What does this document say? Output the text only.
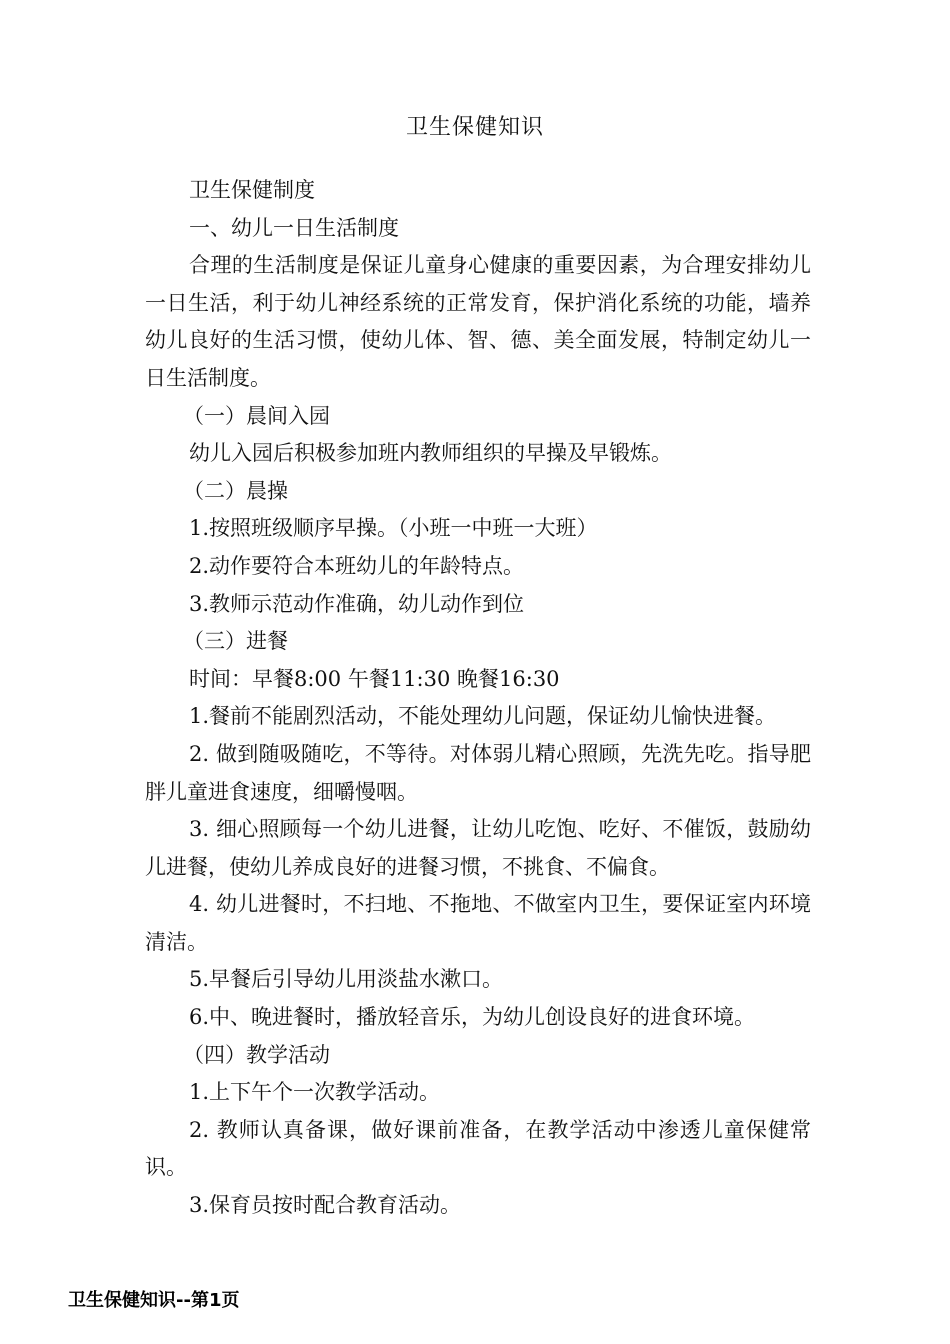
卫生保健知识

卫生保健制度

一、幼儿一日生活制度

合理的生活制度是保证儿童身心健康的重要因素，为合理安排幼儿一日生活，利于幼儿神经系统的正常发育，保护消化系统的功能，墙养幼儿良好的生活习惯，使幼儿体、智、德、美全面发展，特制定幼儿一日生活制度。

（一）晨间入园

幼儿入园后积极参加班内教师组织的早操及早锻炼。

（二）晨操

1.按照班级顺序早操。（小班一中班一大班）

2.动作要符合本班幼儿的年龄特点。

3.教师示范动作准确，幼儿动作到位

（三）进餐

时间：早餐8:00 午餐11:30 晚餐16:30

1.餐前不能剧烈活动，不能处理幼儿问题，保证幼儿愉快进餐。

2. 做到随吸随吃，不等待。对体弱儿精心照顾，先洗先吃。指导肥胖儿童进食速度，细嚼慢咽。

3. 细心照顾每一个幼儿进餐，让幼儿吃饱、吃好、不催饭，鼓励幼儿进餐，使幼儿养成良好的进餐习惯，不挑食、不偏食。

4. 幼儿进餐时，不扫地、不拖地、不做室内卫生，要保证室内环境清洁。

5.早餐后引导幼儿用淡盐水漱口。

6.中、晚进餐时，播放轻音乐，为幼儿创设良好的进食环境。

（四）教学活动

1.上下午个一次教学活动。

2. 教师认真备课，做好课前准备，在教学活动中渗透儿童保健常识。

3.保育员按时配合教育活动。

卫生保健知识--第1页
